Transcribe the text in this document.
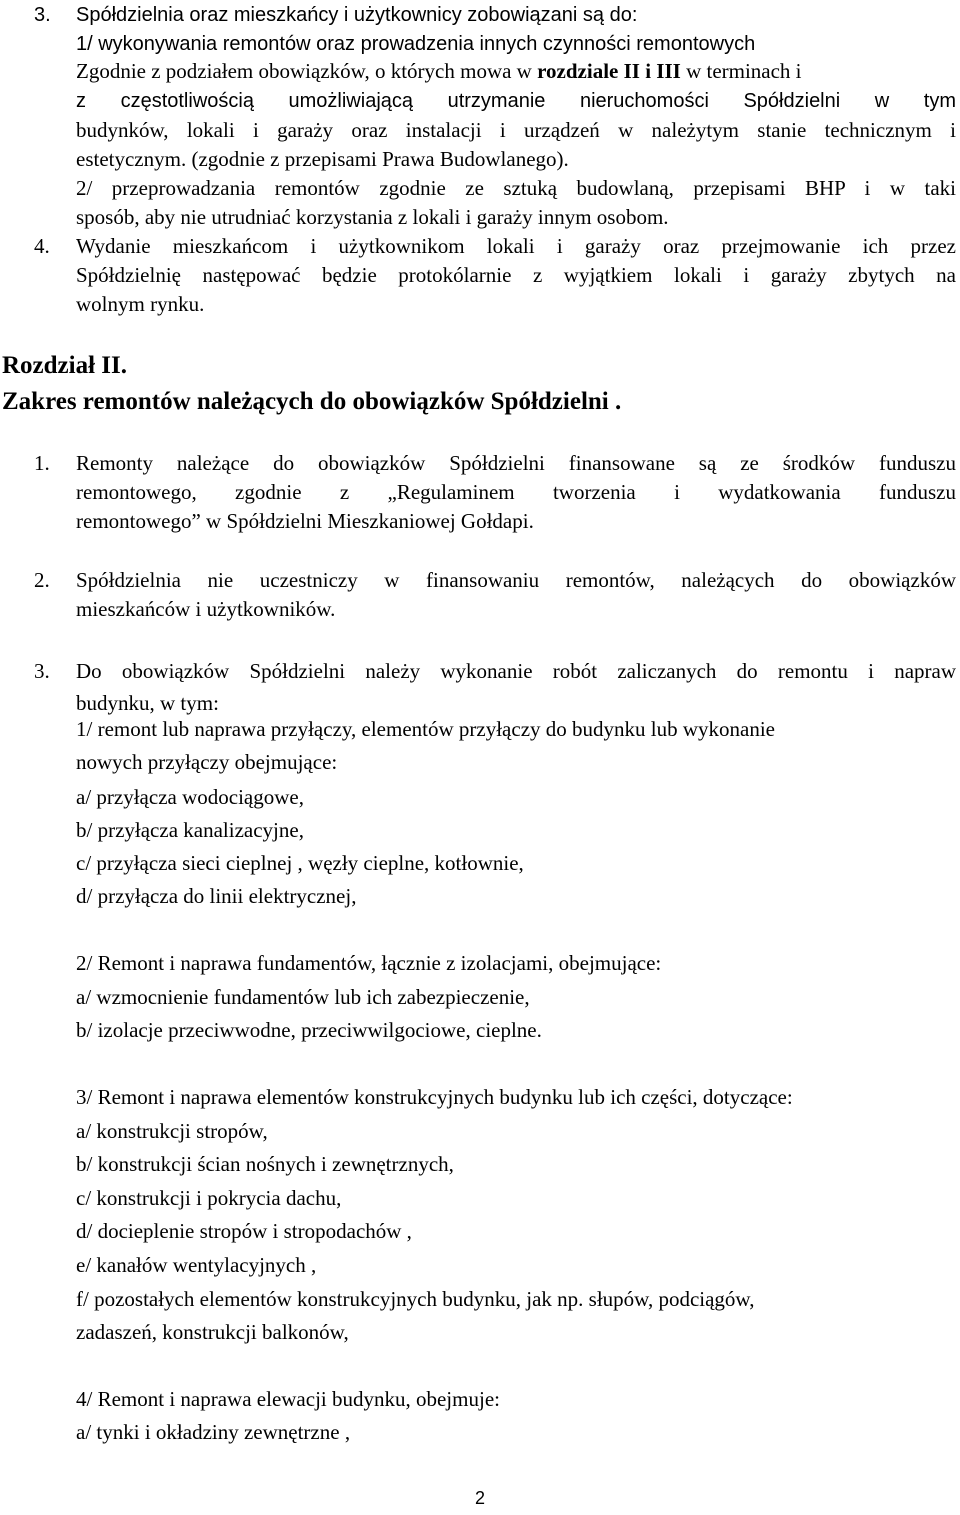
3.	Spółdzielnia oraz mieszkańcy i użytkownicy zobowiązani są do:

1/ wykonywania remontów oraz prowadzenia innych czynności remontowych

Zgodnie z podziałem obowiązków, o których mowa w rozdziale II i III w terminach i

z częstotliwością umożliwiającą utrzymanie nieruchomości Spółdzielni w tym

budynków, lokali i garaży oraz instalacji i urządzeń w należytym stanie technicznym i

estetycznym. (zgodnie z przepisami Prawa Budowlanego).

2/ przeprowadzania remontów zgodnie ze sztuką budowlaną, przepisami BHP i w taki

sposób, aby nie utrudniać korzystania z lokali i garaży innym osobom.

4.	Wydanie mieszkańcom i użytkownikom lokali i garaży oraz przejmowanie ich przez

Spółdzielnię następować będzie protokólarnie z wyjątkiem lokali i garaży zbytych na

wolnym rynku.

Rozdział II.
Zakres remontów należących do obowiązków Spółdzielni .
1.	Remonty należące do obowiązków Spółdzielni finansowane są ze środków funduszu

remontowego, zgodnie z „Regulaminem tworzenia i wydatkowania funduszu

remontowego” w Spółdzielni Mieszkaniowej Gołdapi.

2.	Spółdzielnia nie uczestniczy w finansowaniu remontów, należących do obowiązków

mieszkańców i użytkowników.

3.	Do obowiązków Spółdzielni należy wykonanie robót zaliczanych do remontu i napraw

budynku, w tym:

1/ remont lub naprawa przyłączy, elementów przyłączy do budynku lub wykonanie

nowych przyłączy obejmujące:

a/ przyłącza wodociągowe,

b/ przyłącza kanalizacyjne,

c/ przyłącza sieci cieplnej , węzły cieplne, kotłownie,

d/ przyłącza do linii elektrycznej,

2/ Remont i naprawa fundamentów, łącznie z izolacjami, obejmujące:

a/ wzmocnienie fundamentów lub ich zabezpieczenie,

b/ izolacje przeciwwodne, przeciwwilgociowe, cieplne.

3/ Remont i naprawa elementów konstrukcyjnych budynku lub ich części, dotyczące:

a/ konstrukcji stropów,

b/ konstrukcji ścian nośnych i zewnętrznych,

c/ konstrukcji i pokrycia dachu,

d/ docieplenie stropów i stropodachów ,

e/ kanałów wentylacyjnych ,

f/ pozostałych elementów konstrukcyjnych budynku, jak np. słupów, podciągów,

zadaszeń, konstrukcji balkonów,

4/ Remont i naprawa elewacji budynku, obejmuje:

a/ tynki i okładziny zewnętrzne ,

2
